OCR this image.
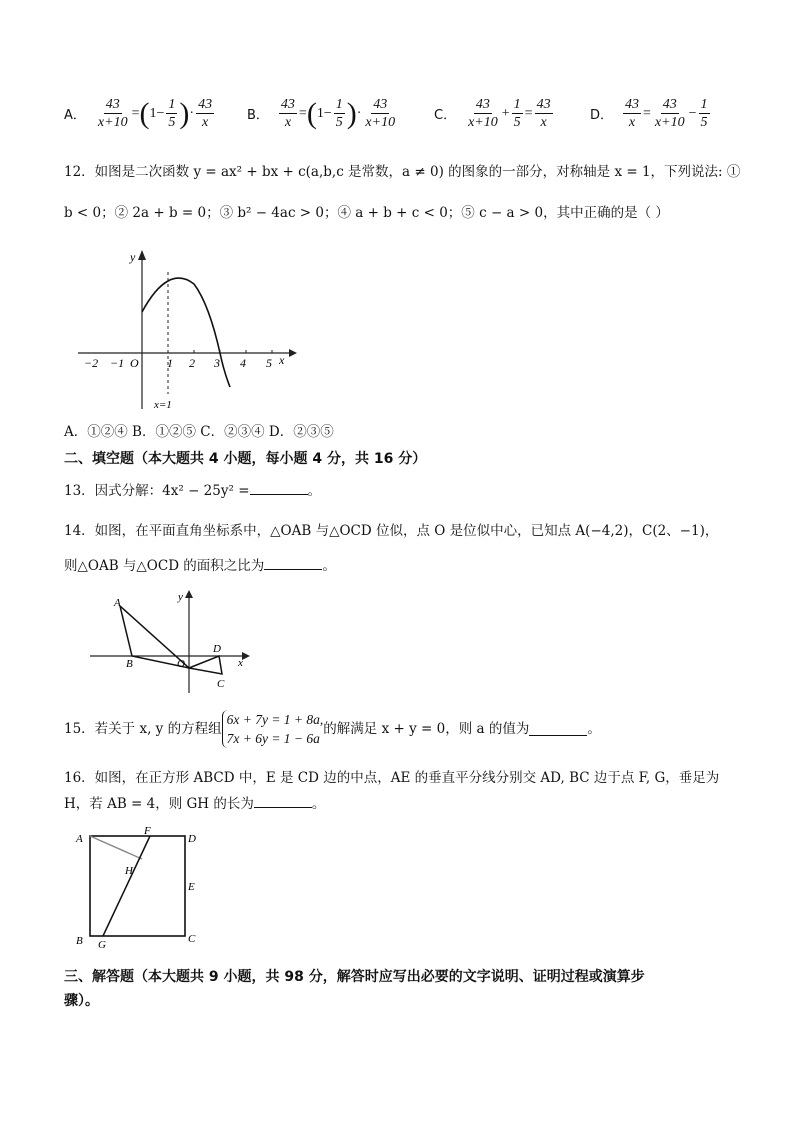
A． $\frac{43}{x+10}$ = ( $1 - \frac{1}{5}$ ) · $\frac{43}{x}$	B． $\frac{43}{x}$ = ( $1 - \frac{1}{5}$ ) · $\frac{43}{x+10}$	C． $\frac{43}{x+10} + \frac{1}{5} = \frac{43}{x}$	D． $\frac{43}{x} = \frac{43}{x+10} - \frac{1}{5}$
12．如图是二次函数 y = ax² + bx + c(a,b,c 是常数，a ≠ 0) 的图象的一部分，对称轴是 x = 1，下列说法: ①
b < 0；② 2a + b = 0；③ b² − 4ac > 0；④ a + b + c < 0；⑤ c − a > 0，其中正确的是（ ）
y
x
O
−2 −1	1 2 3 4 5
x=1
A．①②④ B．①②⑤ C．②③④ D．②③⑤
二、填空题（本大题共 4 小题，每小题 4 分，共 16 分）
13．因式分解：4x² − 25y² =	。
14．如图，在平面直角坐标系中，△OAB 与△OCD 位似，点 O 是位似中心，已知点 A(−4,2)，C(2、−1)，
则△OAB 与△OCD 的面积之比为	。
A
B	O
D
C
x
y
15．若关于 x, y 的方程组
6x + 7y = 1 + 8a,
7x + 6y = 1 − 6a
的解满足 x + y = 0，则 a 的值为	。
16．如图，在正方形 ABCD 中，E 是 CD 边的中点，AE 的垂直平分线分别交 AD, BC 边于点 F, G，垂足为
H，若 AB = 4，则 GH 的长为	。
A
F
D
H
E
B G	C
三、解答题（本大题共 9 小题，共 98 分，解答时应写出必要的文字说明、证明过程或演算步
骤）。
